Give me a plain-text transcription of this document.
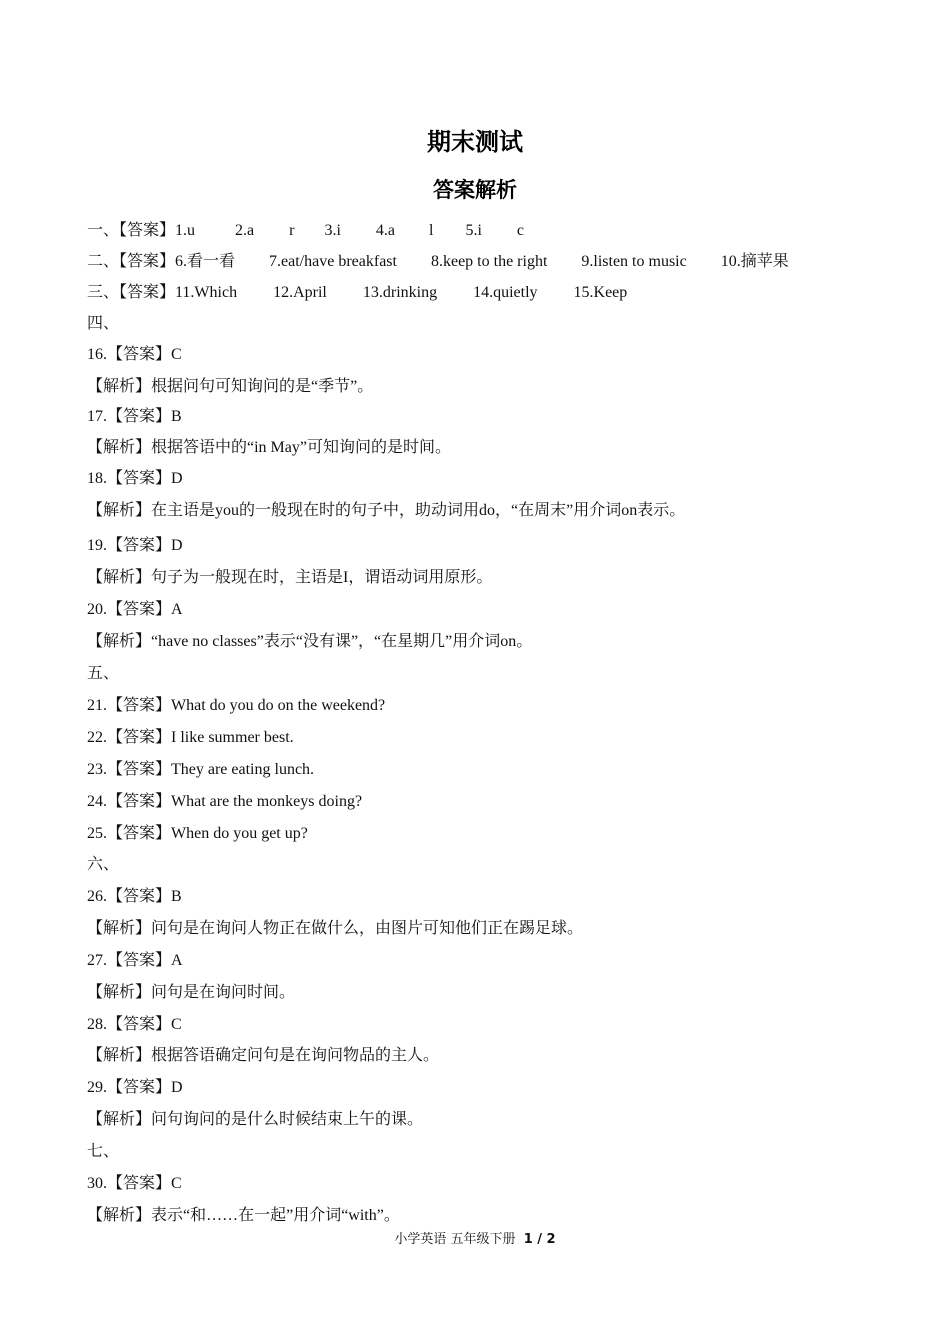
期末测试
答案解析
一、【答案】1.u	2.a r 3.i 4.a l 5.i c
二、【答案】6.看一看 7.eat/have breakfast 8.keep to the right 9.listen to music 10.摘苹果
三、【答案】11.Which 12.April 13.drinking 14.quietly 15.Keep
四、
16.【答案】C
【解析】根据问句可知询问的是“季节”。
17.【答案】B
【解析】根据答语中的“in May”可知询问的是时间。
18.【答案】D
【解析】在主语是you的一般现在时的句子中，助动词用do，“在周末”用介词on表示。
19.【答案】D
【解析】句子为一般现在时，主语是I，谓语动词用原形。
20.【答案】A
【解析】“have no classes”表示“没有课”，“在星期几”用介词on。
五、
21.【答案】What do you do on the weekend?
22.【答案】I like summer best.
23.【答案】They are eating lunch.
24.【答案】What are the monkeys doing?
25.【答案】When do you get up?
六、
26.【答案】B
【解析】问句是在询问人物正在做什么，由图片可知他们正在踢足球。
27.【答案】A
【解析】问句是在询问时间。
28.【答案】C
【解析】根据答语确定问句是在询问物品的主人。
29.【答案】D
【解析】问句询问的是什么时候结束上午的课。
七、
30.【答案】C
【解析】表示“和……在一起”用介词“with”。
小学英语 五年级下册 1 / 2
